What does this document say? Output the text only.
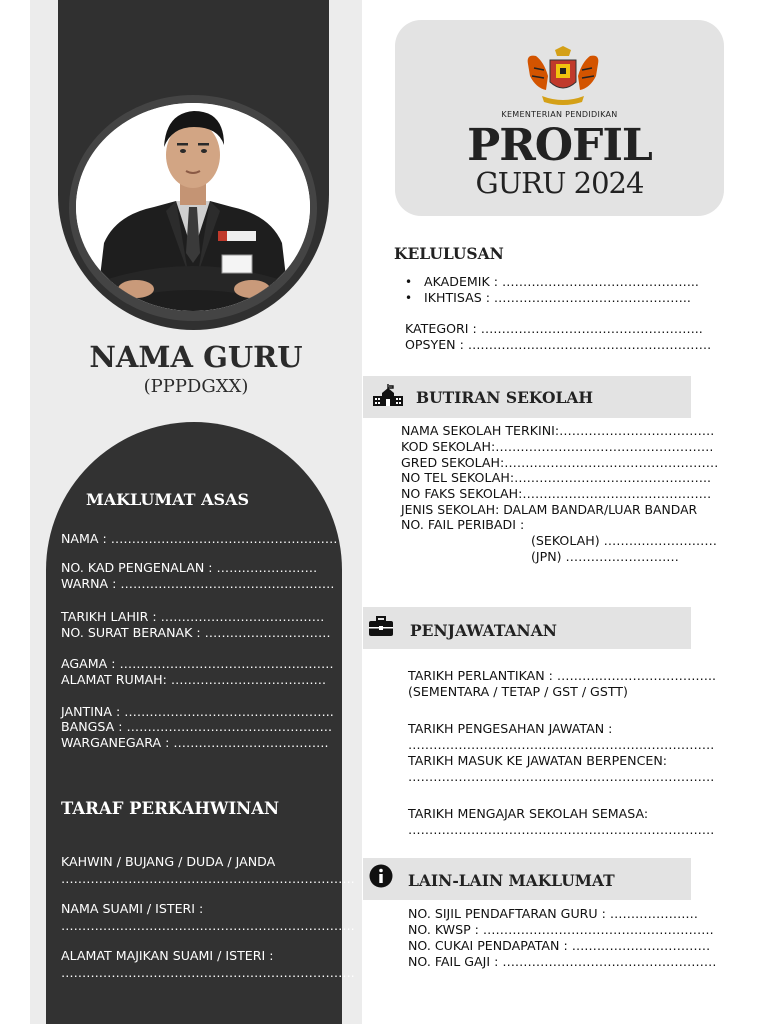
NAMA GURU
(PPPDGXX)
MAKLUMAT ASAS
NAMA : ………………………………………………
NO. KAD PENGENALAN : ……………………
WARNA : ……………………………………………
TARIKH LAHIR : …………………………………
NO. SURAT BERANAK : …………………………
AGAMA : ……………………………………………
ALAMAT RUMAH: ……………………………….
JANTINA : …………………………………………..
BANGSA : ………………………………………….
WARGANEGARA : ……………………………….
TARAF PERKAHWINAN
KAHWIN / BUJANG / DUDA / JANDA
…………………………………………………………….
NAMA SUAMI / ISTERI :
…………………………………………………………….
ALAMAT MAJIKAN SUAMI / ISTERI :
…………………………………………………………….
KEMENTERIAN PENDIDIKAN
PROFIL
GURU 2024
KELULUSAN
• AKADEMIK : ………………………………………..
• IKHTISAS : ………………………………………..
KATEGORI : ……………………………………………..
OPSYEN : ………………………………………………….
BUTIRAN SEKOLAH
NAMA SEKOLAH TERKINI:……………………………….
KOD SEKOLAH:…………………………………………….
GRED SEKOLAH:……………………………………………
NO TEL SEKOLAH:………………………………………..
NO FAKS SEKOLAH:………………………………………
JENIS SEKOLAH: DALAM BANDAR/LUAR BANDAR
NO. FAIL PERIBADI :
(SEKOLAH) ………………………
(JPN) ………………………
PENJAWATANAN
TARIKH PERLANTIKAN : ………………………………..
(SEMENTARA / TETAP / GST / GSTT)
TARIKH PENGESAHAN JAWATAN :
……………………………………………………………….
TARIKH MASUK KE JAWATAN BERPENCEN:
……………………………………………………………….
TARIKH MENGAJAR SEKOLAH SEMASA:
……………………………………………………………….
LAIN-LAIN MAKLUMAT
NO. SIJIL PENDAFTARAN GURU : …………………
NO. KWSP : ……………………………………………….
NO. CUKAI PENDAPATAN : ……………………………
NO. FAIL GAJI : ……………………………………………
